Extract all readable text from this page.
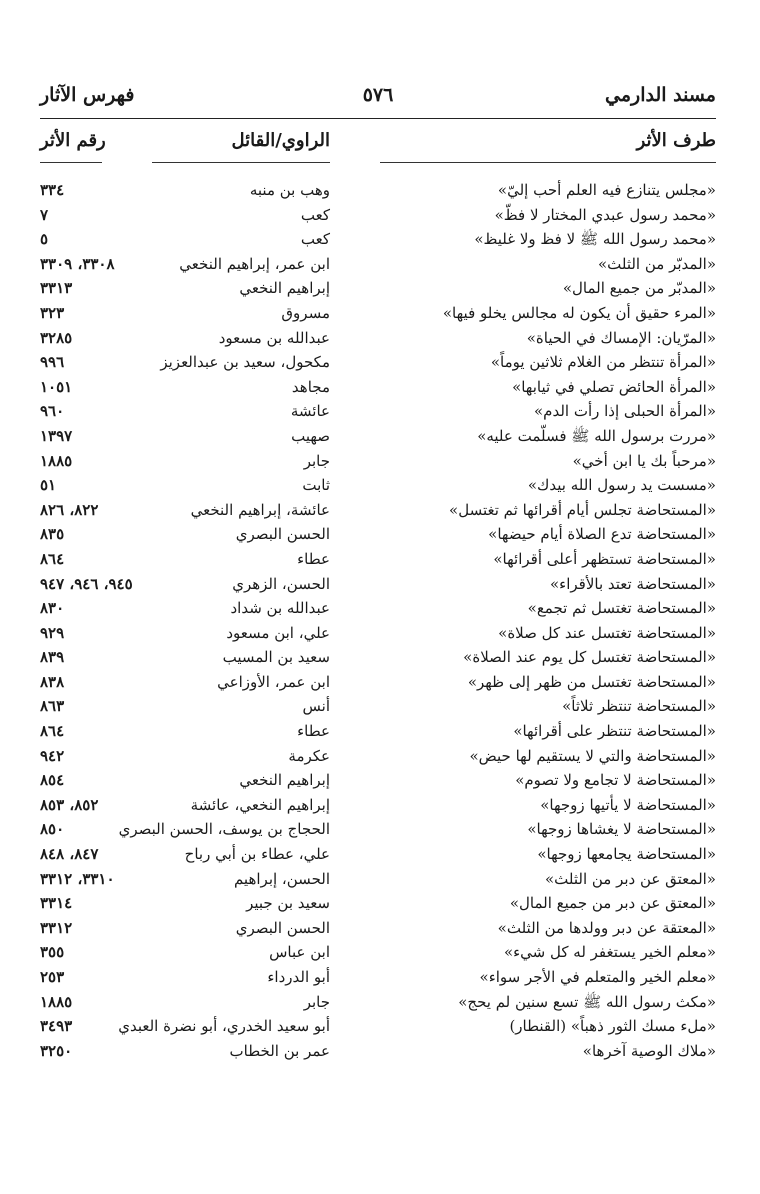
مسند الدارمي
٥٧٦
فهرس الآثار
طرف الأثر
الراوي/القائل
رقم الأثر
«مجلس يتنازع فيه العلم أحب إليّ»
وهب بن منبه
٣٣٤
«محمد رسول عبدي المختار لا فظّ»
كعب
٧
«محمد رسول الله ﷺ لا فظ ولا غليظ»
كعب
٥
«المدبّر من الثلث»
ابن عمر، إبراهيم النخعي
٣٣٠٨، ٣٣٠٩
«المدبّر من جميع المال»
إبراهيم النخعي
٣٣١٣
«المرء حقيق أن يكون له مجالس يخلو فيها»
مسروق
٣٢٣
«المرّيان: الإمساك في الحياة»
عبدالله بن مسعود
٣٢٨٥
«المرأة تنتظر من الغلام ثلاثين يوماً»
مكحول، سعيد بن عبدالعزيز
٩٩٦
«المرأة الحائض تصلي في ثيابها»
مجاهد
١٠٥١
«المرأة الحبلى إذا رأت الدم»
عائشة
٩٦٠
«مررت برسول الله ﷺ فسلّمت عليه»
صهيب
١٣٩٧
«مرحباً بك يا ابن أخي»
جابر
١٨٨٥
«مسست يد رسول الله بيدك»
ثابت
٥١
«المستحاضة تجلس أيام أقرائها ثم تغتسل»
عائشة، إبراهيم النخعي
٨٢٢، ٨٢٦
«المستحاضة تدع الصلاة أيام حيضها»
الحسن البصري
٨٣٥
«المستحاضة تستظهر أعلى أقرائها»
عطاء
٨٦٤
«المستحاضة تعتد بالأقراء»
الحسن، الزهري
٩٤٥، ٩٤٦، ٩٤٧
«المستحاضة تغتسل ثم تجمع»
عبدالله بن شداد
٨٣٠
«المستحاضة تغتسل عند كل صلاة»
علي، ابن مسعود
٩٢٩
«المستحاضة تغتسل كل يوم عند الصلاة»
سعيد بن المسيب
٨٣٩
«المستحاضة تغتسل من ظهر إلى ظهر»
ابن عمر، الأوزاعي
٨٣٨
«المستحاضة تنتظر ثلاثاً»
أنس
٨٦٣
«المستحاضة تنتظر على أقرائها»
عطاء
٨٦٤
«المستحاضة والتي لا يستقيم لها حيض»
عكرمة
٩٤٢
«المستحاضة لا تجامع ولا تصوم»
إبراهيم النخعي
٨٥٤
«المستحاضة لا يأتيها زوجها»
إبراهيم النخعي، عائشة
٨٥٢، ٨٥٣
«المستحاضة لا يغشاها زوجها»
الحجاج بن يوسف، الحسن البصري
٨٥٠
«المستحاضة يجامعها زوجها»
علي، عطاء بن أبي رباح
٨٤٧، ٨٤٨
«المعتق عن دبر من الثلث»
الحسن، إبراهيم
٣٣١٠، ٣٣١٢
«المعتق عن دبر من جميع المال»
سعيد بن جبير
٣٣١٤
«المعتقة عن دبر وولدها من الثلث»
الحسن البصري
٣٣١٢
«معلم الخير يستغفر له كل شيء»
ابن عباس
٣٥٥
«معلم الخير والمتعلم في الأجر سواء»
أبو الدرداء
٢٥٣
«مكث رسول الله ﷺ تسع سنين لم يحج»
جابر
١٨٨٥
«ملء مسك الثور ذهباً» (القنطار)
أبو سعيد الخدري، أبو نضرة العبدي
٣٤٩٣
«ملاك الوصية آخرها»
عمر بن الخطاب
٣٢٥٠
